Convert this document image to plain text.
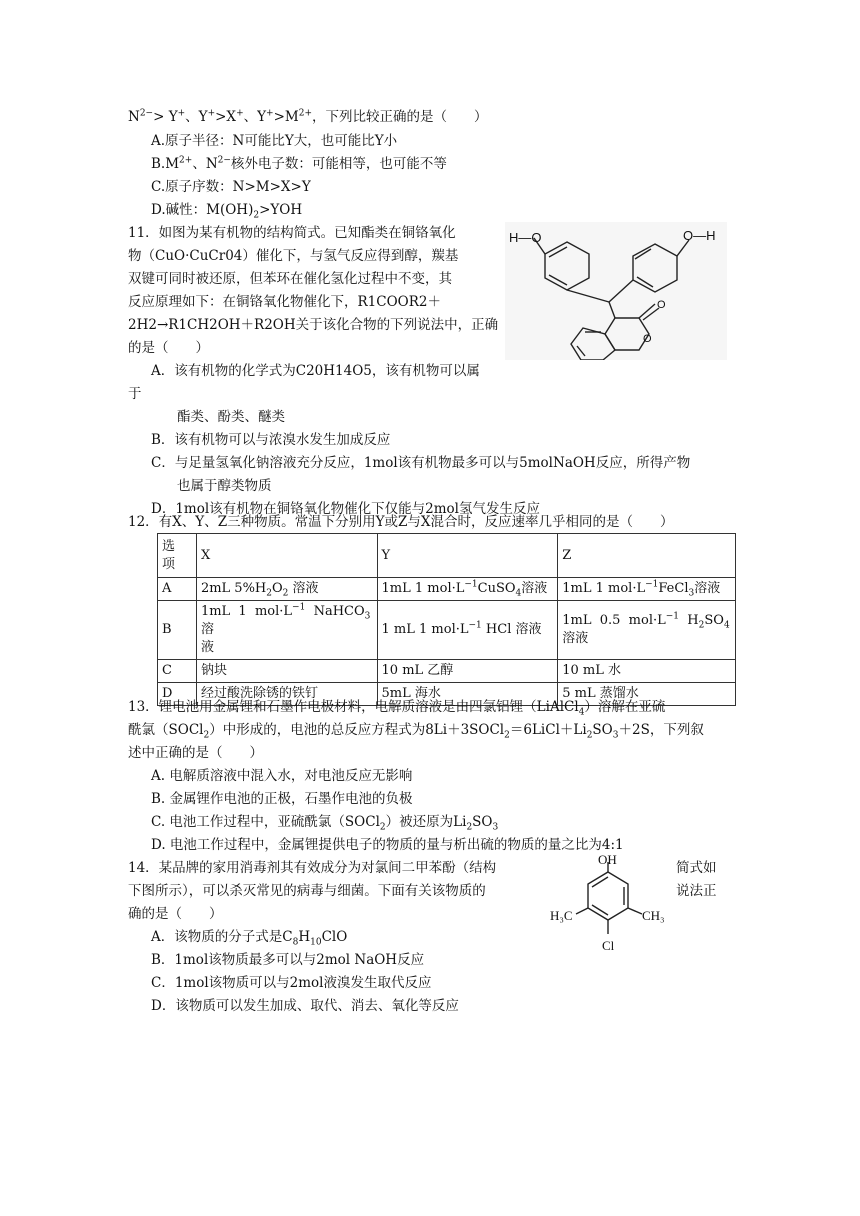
$N^{2-}> Y^+$、Y+>X+、$Y^+>M^{2+}$，下列比较正确的是（　　）
A.原子半径：N可能比Y大，也可能比Y小
$B.M^{2+}$、$N^{2-}$核外电子数：可能相等，也可能不等
C.原子序数：N>M>X>Y
D.碱性：$M(OH)_2>YOH$
11．如图为某有机物的结构简式。已知酯类在铜铬氧化
物（CuO·CuCr04）催化下，与氢气反应得到醇，羰基
双键可同时被还原，但苯环在催化氢化过程中不变，其
反应原理如下：在铜铬氧化物催化下，R1COOR2＋
2H2→R1CH2OH＋R2OH关于该化合物的下列说法中，正确
的是（　　）
A．该有机物的化学式为C20H14O5，该有机物可以属
于
酯类、酚类、醚类
B．该有机物可以与浓溴水发生加成反应
C．与足量氢氧化钠溶液充分反应，1mol该有机物最多可以与5molNaOH反应，所得产物
也属于醇类物质
D．1mol该有机物在铜铬氧化物催化下仅能与2mol氢气发生反应
H—O	O—H
O
O
12．有X、Y、Z三种物质。常温下分别用Y或Z与X混合时，反应速率几乎相同的是（　　）
选
项	X	Y	Z
A	2mL $5\%H_2O_2$ 溶液	1mL 1 $mol\cdot L^{-1}CuSO_4$溶液	1mL 1 $mol\cdot L^{-1}FeCl_3$溶液
B	1mL  1  $mol\cdot L^{-1}$  NaHCO$_3$溶
液	1 mL 1 $mol\cdot L^{-1}$ HCl 溶液	1mL  0.5  $mol\cdot L^{-1}$  $H_2SO_4$
溶液
C	钠块	10 mL 乙醇	10 mL 水
D	经过酸洗除锈的铁钉	5mL 海水	5 mL 蒸馏水
13．锂电池用金属锂和石墨作电极材料，电解质溶液是由四氯铝锂（LiAlCl$_4$）溶解在亚硫
酰氯（SOCl$_2$）中形成的，电池的总反应方程式为$8Li+3SOCl_2=6LiCl+Li_2SO_3+2S$，下列叙
述中正确的是（　　）
A. 电解质溶液中混入水，对电池反应无影响
B. 金属锂作电池的正极，石墨作电池的负极
C. 电池工作过程中，亚硫酰氯（SOCl$_2$）被还原为$Li_2SO_3$
D. 电池工作过程中，金属锂提供电子的物质的量与析出硫的物质的量之比为4:1
14．某品牌的家用消毒剂其有效成分为对氯间二甲苯酚（结构	简式如
下图所示），可以杀灭常见的病毒与细菌。下面有关该物质的	说法正
确的是（　　）
A．该物质的分子式是$C_8H_{10}ClO$
B．1mol该物质最多可以与2mol NaOH反应
C．1mol该物质可以与2mol液溴发生取代反应
D．该物质可以发生加成、取代、消去、氧化等反应
OH
H₃C	CH₃
Cl
